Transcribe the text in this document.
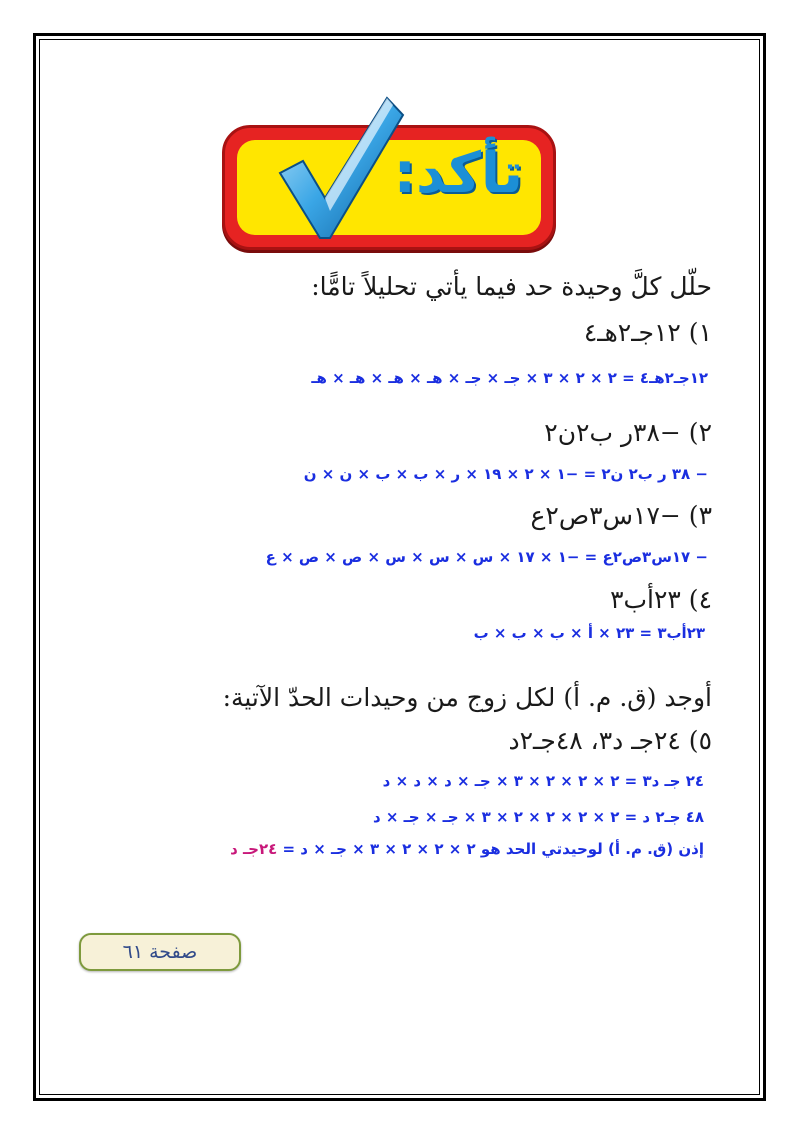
تأكد:
حلّل كلَّ وحيدة حد فيما يأتي تحليلاً تامًّا:
١) ١٢جـ٢هـ٤
١٢جـ٢هـ٤ = ٢ × ٢ × ٣ × جـ × جـ × هـ × هـ × هـ × هـ
٢) −٣٨ر ب٢ن٢
− ٣٨ ر ب٢ ن٢ = −١ × ٢ × ١٩ × ر × ب × ب × ن × ن
٣) −١٧س٣ص٢ع
− ١٧س٣ص٢ع = −١ × ١٧ × س × س × س × ص × ص × ع
٤) ٢٣أب٣
٢٣أب٣ = ٢٣ × أ × ب × ب × ب
أوجد (ق. م. أ) لكل زوج من وحيدات الحدّ الآتية:
٥) ٢٤جـ د٣، ٤٨جـ٢د
٢٤ جـ د٣ = ٢ × ٢ × ٢ × ٣ × جـ × د × د × د
٤٨ جـ٢ د = ٢ × ٢ × ٢ × ٢ × ٣ × جـ × جـ × د
إذن (ق. م. أ) لوحيدتي الحد هو ٢ × ٢ × ٢ × ٣ × جـ × د = ٢٤جـ د
صفحة ٦١
